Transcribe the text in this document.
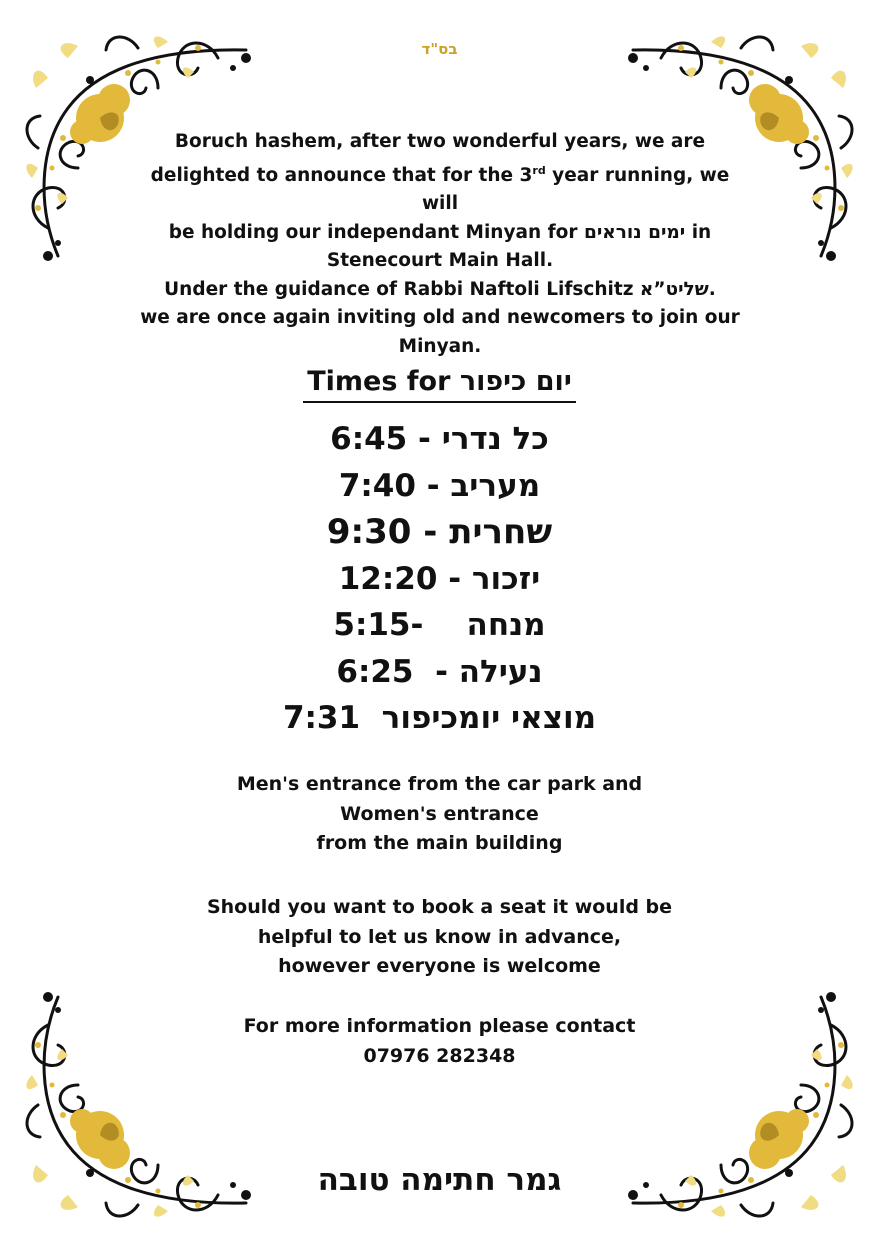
בס"ד

Boruch hashem, after two wonderful years, we are

delighted to announce that for the 3rd year running, we will

be holding our independant Minyan for ימים נוראים in

Stenecourt Main Hall.

Under the guidance of Rabbi Naftoli Lifschitz שליט”א.

we are once again inviting old and newcomers to join our

Minyan.

Times for יום כיפור
6:45 - כל נדרי
7:40 - מעריב
9:30 - שחרית
12:20 - יזכור
5:15-    מנחה
6:25  - נעילה
7:31 מוצאי יומכיפור

Men's entrance from the car park and

Women's entrance

from the main building

Should you want to book a seat it would be

helpful to let us know in advance,

however everyone is welcome

For more information please contact

07976 282348

גמר חתימה טובה
